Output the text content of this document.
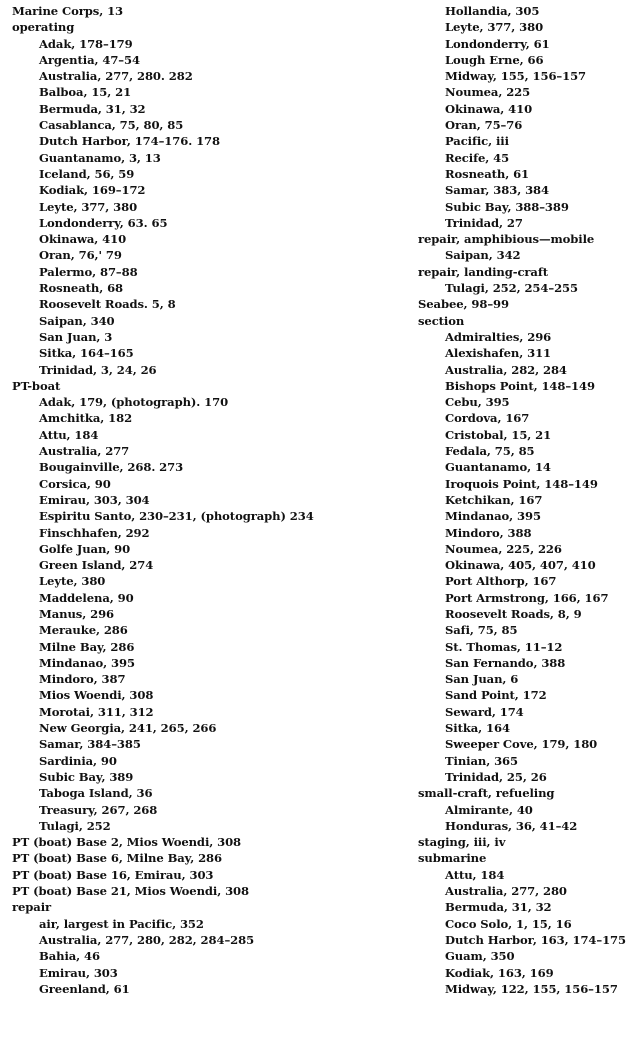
Marine Corps, 13
operating
Adak, 178–179
Argentia, 47–54
Australia, 277, 280. 282
Balboa, 15, 21
Bermuda, 31, 32
Casablanca, 75, 80, 85
Dutch Harbor, 174–176. 178
Guantanamo, 3, 13
Iceland, 56, 59
Kodiak, 169–172
Leyte, 377, 380
Londonderry, 63. 65
Okinawa, 410
Oran, 76,' 79
Palermo, 87–88
Rosneath, 68
Roosevelt Roads. 5, 8
Saipan, 340
San Juan, 3
Sitka, 164–165
Trinidad, 3, 24, 26
PT-boat
Adak, 179, (photograph). 170
Amchitka, 182
Attu, 184
Australia, 277
Bougainville, 268. 273
Corsica, 90
Emirau, 303, 304
Espiritu Santo, 230–231, (photograph) 234
Finschhafen, 292
Golfe Juan, 90
Green Island, 274
Leyte, 380
Maddelena, 90
Manus, 296
Merauke, 286
Milne Bay, 286
Mindanao, 395
Mindoro, 387
Mios Woendi, 308
Morotai, 311, 312
New Georgia, 241, 265, 266
Samar, 384–385
Sardinia, 90
Subic Bay, 389
Taboga Island, 36
Treasury, 267, 268
Tulagi, 252
PT (boat) Base 2, Mios Woendi, 308
PT (boat) Base 6, Milne Bay, 286
PT (boat) Base 16, Emirau, 303
PT (boat) Base 21, Mios Woendi, 308
repair
air, largest in Pacific, 352
Australia, 277, 280, 282, 284–285
Bahia, 46
Emirau, 303
Greenland, 61
Hollandia, 305
Leyte, 377, 380
Londonderry, 61
Lough Erne, 66
Midway, 155, 156–157
Noumea, 225
Okinawa, 410
Oran, 75–76
Pacific, iii
Recife, 45
Rosneath, 61
Samar, 383, 384
Subic Bay, 388–389
Trinidad, 27
repair, amphibious—mobile
Saipan, 342
repair, landing-craft
Tulagi, 252, 254–255
Seabee, 98–99
section
Admiralties, 296
Alexishafen, 311
Australia, 282, 284
Bishops Point, 148–149
Cebu, 395
Cordova, 167
Cristobal, 15, 21
Fedala, 75, 85
Guantanamo, 14
Iroquois Point, 148–149
Ketchikan, 167
Mindanao, 395
Mindoro, 388
Noumea, 225, 226
Okinawa, 405, 407, 410
Port Althorp, 167
Port Armstrong, 166, 167
Roosevelt Roads, 8, 9
Safi, 75, 85
St. Thomas, 11–12
San Fernando, 388
San Juan, 6
Sand Point, 172
Seward, 174
Sitka, 164
Sweeper Cove, 179, 180
Tinian, 365
Trinidad, 25, 26
small-craft, refueling
Almirante, 40
Honduras, 36, 41–42
staging, iii, iv
submarine
Attu, 184
Australia, 277, 280
Bermuda, 31, 32
Coco Solo, 1, 15, 16
Dutch Harbor, 163, 174–175
Guam, 350
Kodiak, 163, 169
Midway, 122, 155, 156–157
